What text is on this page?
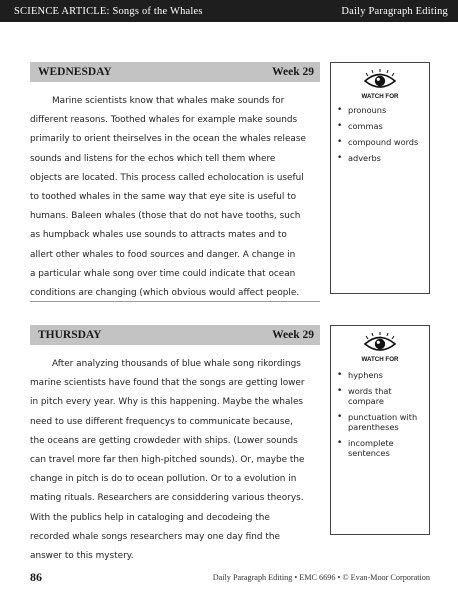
SCIENCE ARTICLE: Songs of the Whales	Daily Paragraph Editing
WEDNESDAY	Week 29

Marine scientists know that whales make sounds for
different reasons. Toothed whales for example make sounds
primarily to orient theirselves in the ocean the whales release
sounds and listens for the echos which tell them where
objects are located. This process called echolocation is useful
to toothed whales in the same way that eye site is useful to
humans. Baleen whales (those that do not have tooths, such
as humpback whales use sounds to attracts mates and to
allert other whales to food sources and danger. A change in
a particular whale song over time could indicate that ocean
conditions are changing (which obvious would affect people.

WATCH FOR
• pronouns
• commas
• compound words
• adverbs
THURSDAY	Week 29

After analyzing thousands of blue whale song rikordings
marine scientists have found that the songs are getting lower
in pitch every year. Why is this happening. Maybe the whales
need to use different frequencys to communicate because,
the oceans are getting crowdeder with ships. (Lower sounds
can travel more far then high-pitched sounds). Or, maybe the
change in pitch is do to ocean pollution. Or to a evolution in
mating rituals. Researchers are considdering various theorys.
With the publics help in cataloging and decodeing the
recorded whale songs researchers may one day find the
answer to this mystery.

WATCH FOR
• hyphens
• words that compare
• punctuation with parentheses
• incomplete sentences
86	Daily Paragraph Editing • EMC 6696 • © Evan-Moor Corporation
